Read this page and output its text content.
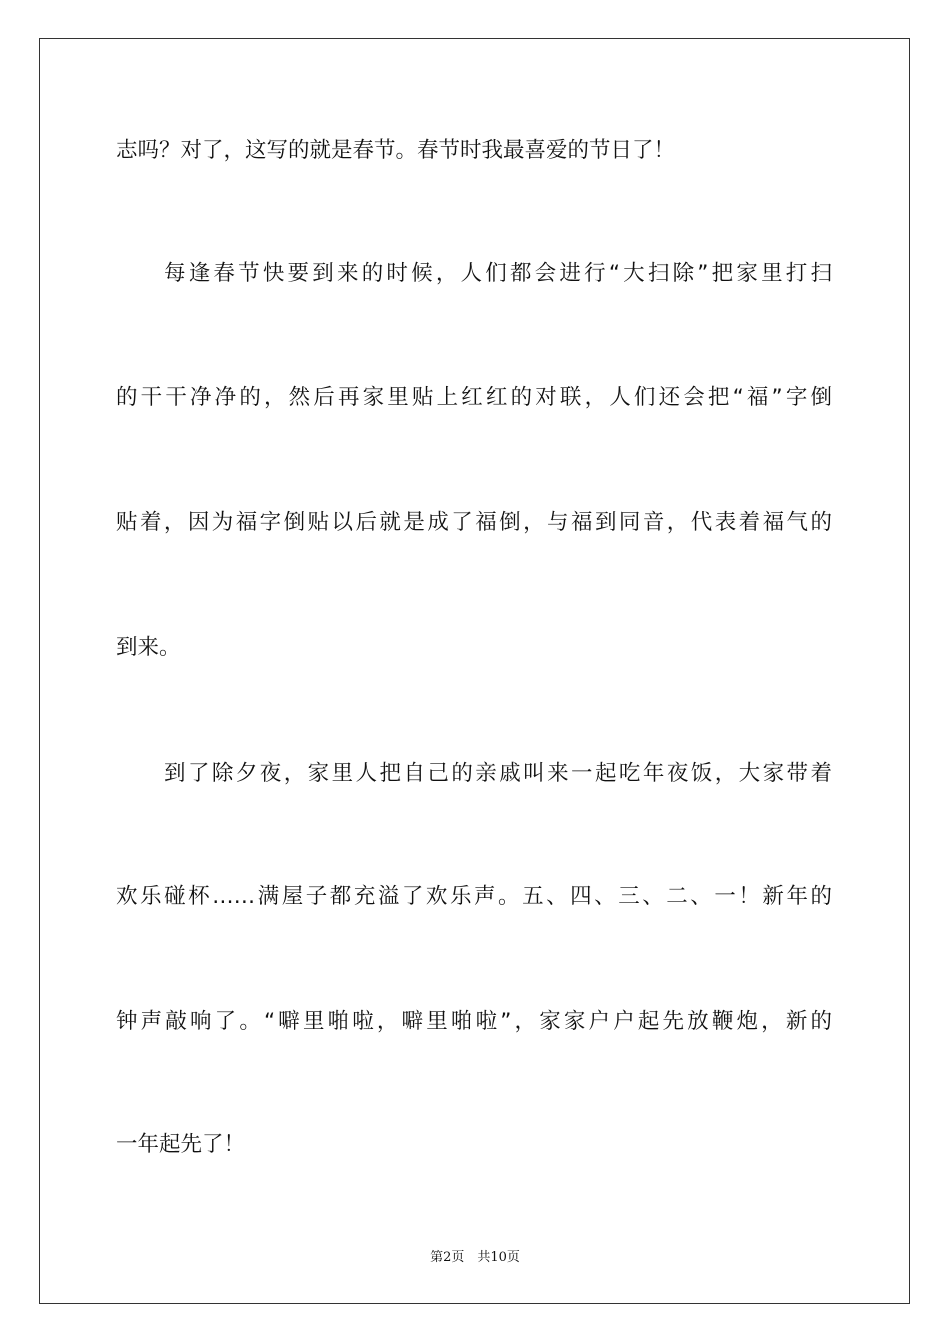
志吗？对了，这写的就是春节。春节时我最喜爱的节日了！
每逢春节快要到来的时候，人们都会进行“大扫除”把家里打扫
的干干净净的，然后再家里贴上红红的对联，人们还会把“福”字倒
贴着，因为福字倒贴以后就是成了福倒，与福到同音，代表着福气的
到来。
到了除夕夜，家里人把自己的亲戚叫来一起吃年夜饭，大家带着
欢乐碰杯……满屋子都充溢了欢乐声。五、四、三、二、一！新年的
钟声敲响了。“噼里啪啦，噼里啪啦”，家家户户起先放鞭炮，新的
一年起先了！
第2页　共10页
